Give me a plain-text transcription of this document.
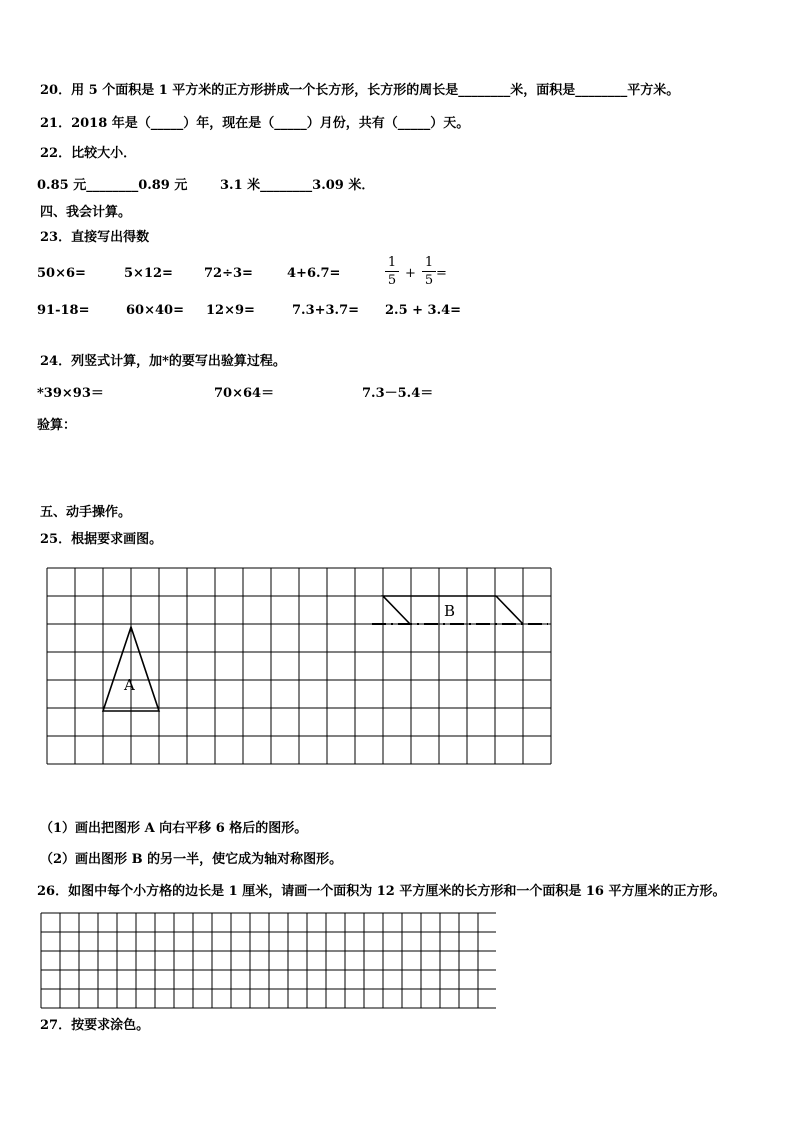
20．用 5 个面积是 1 平方米的正方形拼成一个长方形，长方形的周长是________米，面积是________平方米。
21．2018 年是（_____）年，现在是（_____）月份，共有（_____）天。
22．比较大小．
0.85 元________0.89 元	3.1 米________3.09 米．
四、我会计算。
23．直接写出得数
50×6=	5×12= 72÷3=	4+6.7=
1
5 +
1
5 =
91-18=	60×40= 12×9=	7.3+3.7= 2.5 + 3.4=
24．列竖式计算，加*的要写出验算过程。
*39×93＝	70×64＝	7.3－5.4＝
验算：
五、动手操作。
25．根据要求画图。
A
B
（1）画出把图形 A 向右平移 6 格后的图形。
（2）画出图形 B 的另一半，使它成为轴对称图形。
26．如图中每个小方格的边长是 1 厘米，请画一个面积为 12 平方厘米的长方形和一个面积是 16 平方厘米的正方形。
27．按要求涂色。
